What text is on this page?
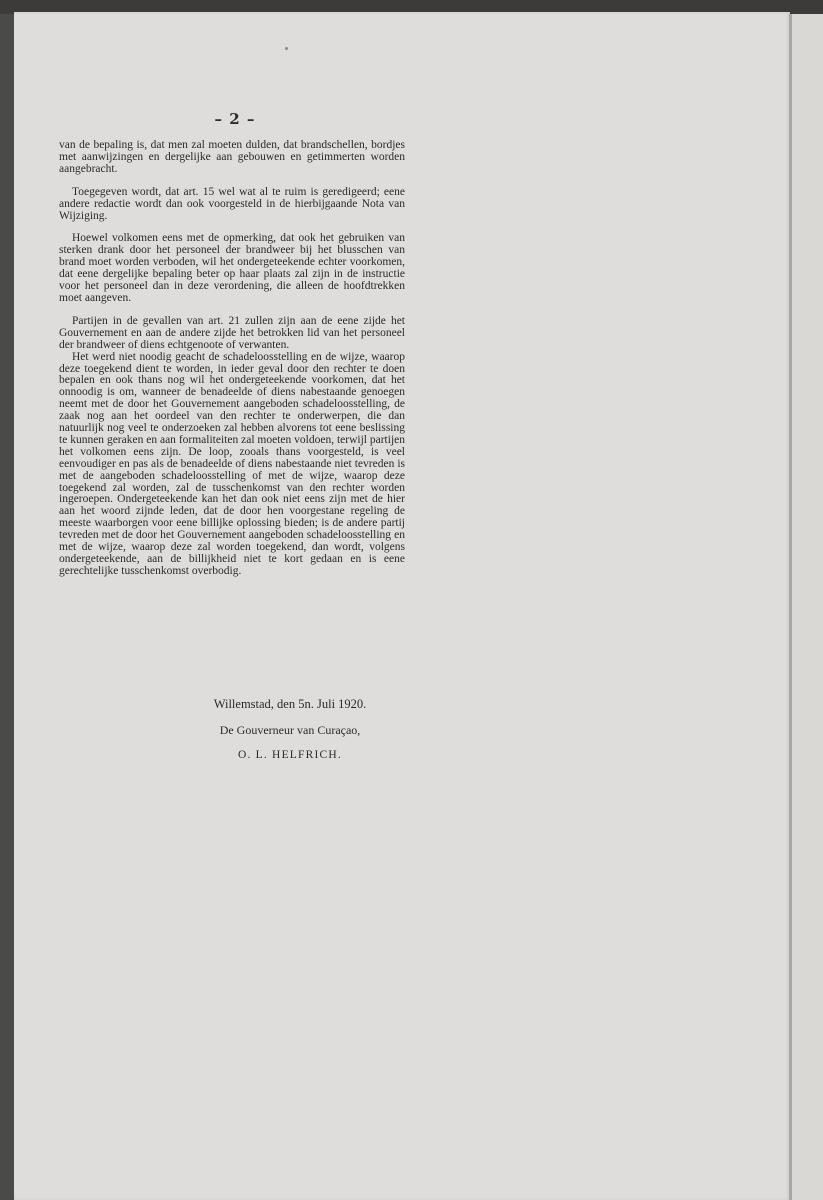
– 2 –

van de bepaling is, dat men zal moeten dulden, dat brandschellen, bordjes met aanwijzingen en dergelijke aan gebouwen en getimmerten worden aangebracht.

Toegegeven wordt, dat art. 15 wel wat al te ruim is geredigeerd; eene andere redactie wordt dan ook voorgesteld in de hierbijgaande Nota van Wijziging.

Hoewel volkomen eens met de opmerking, dat ook het gebruiken van sterken drank door het personeel der brandweer bij het blusschen van brand moet worden verboden, wil het ondergeteekende echter voorkomen, dat eene dergelijke bepaling beter op haar plaats zal zijn in de instructie voor het personeel dan in deze verordening, die alleen de hoofdtrekken moet aangeven.

Partijen in de gevallen van art. 21 zullen zijn aan de eene zijde het Gouvernement en aan de andere zijde het betrokken lid van het personeel der brandweer of diens echtgenoote of verwanten.

Het werd niet noodig geacht de schadeloosstelling en de wijze, waarop deze toegekend dient te worden, in ieder geval door den rechter te doen bepalen en ook thans nog wil het ondergeteekende voorkomen, dat het onnoodig is om, wanneer de benadeelde of diens nabestaande genoegen neemt met de door het Gouvernement aangeboden schadeloosstelling, de zaak nog aan het oordeel van den rechter te onderwerpen, die dan natuurlijk nog veel te onderzoeken zal hebben alvorens tot eene beslissing te kunnen geraken en aan formaliteiten zal moeten voldoen, terwijl partijen het volkomen eens zijn. De loop, zooals thans voorgesteld, is veel eenvoudiger en pas als de benadeelde of diens nabestaande niet tevreden is met de aangeboden schadeloosstelling of met de wijze, waarop deze toegekend zal worden, zal de tusschenkomst van den rechter worden ingeroepen. Ondergeteekende kan het dan ook niet eens zijn met de hier aan het woord zijnde leden, dat de door hen voorgestane regeling de meeste waarborgen voor eene billijke oplossing bieden; is de andere partij tevreden met de door het Gouvernement aangeboden schadeloosstelling en met de wijze, waarop deze zal worden toegekend, dan wordt, volgens ondergeteekende, aan de billijkheid niet te kort gedaan en is eene gerechtelijke tusschenkomst overbodig.

Willemstad, den 5n. Juli 1920.
De Gouverneur van Curaçao,
O. L. HELFRICH.
